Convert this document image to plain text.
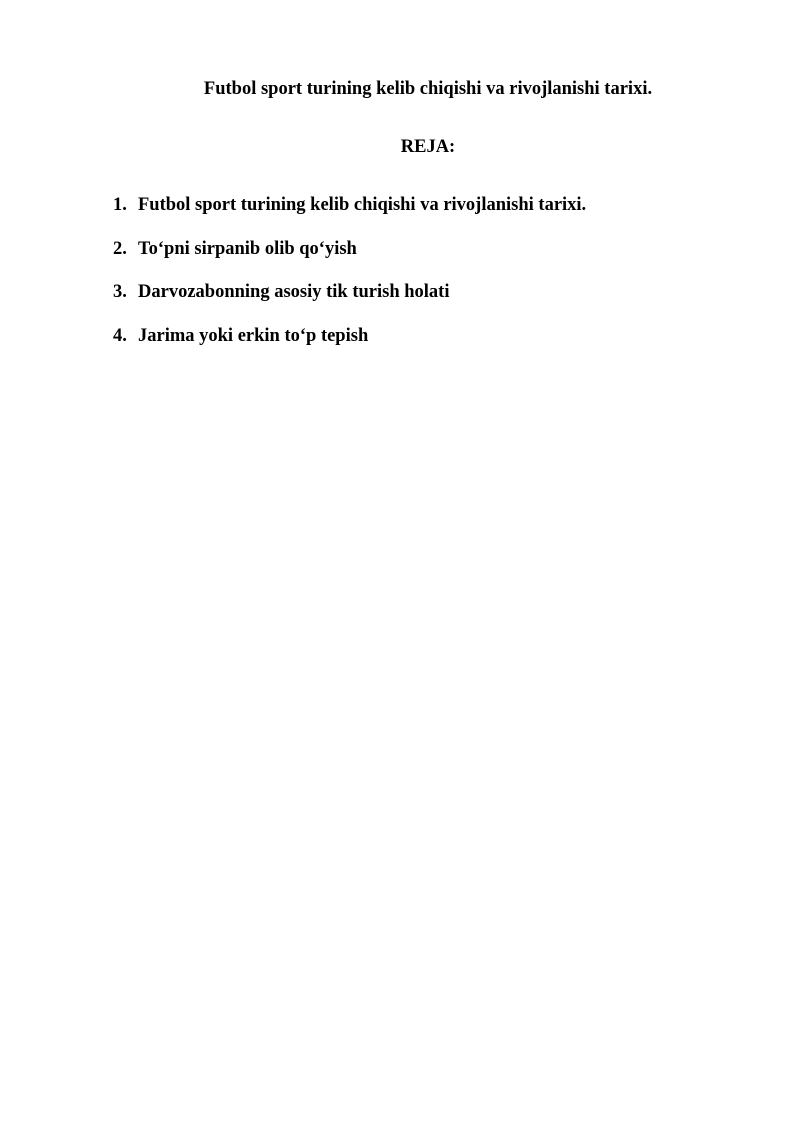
Futbol sport turining kelib chiqishi va rivojlanishi tarixi.
REJA:
1. Futbol sport turining kelib chiqishi va rivojlanishi tarixi.
2. To‘pni sirpanib olib qo‘yish
3. Darvozabonning asosiy tik turish holati
4. Jarima yoki erkin to‘p tepish
